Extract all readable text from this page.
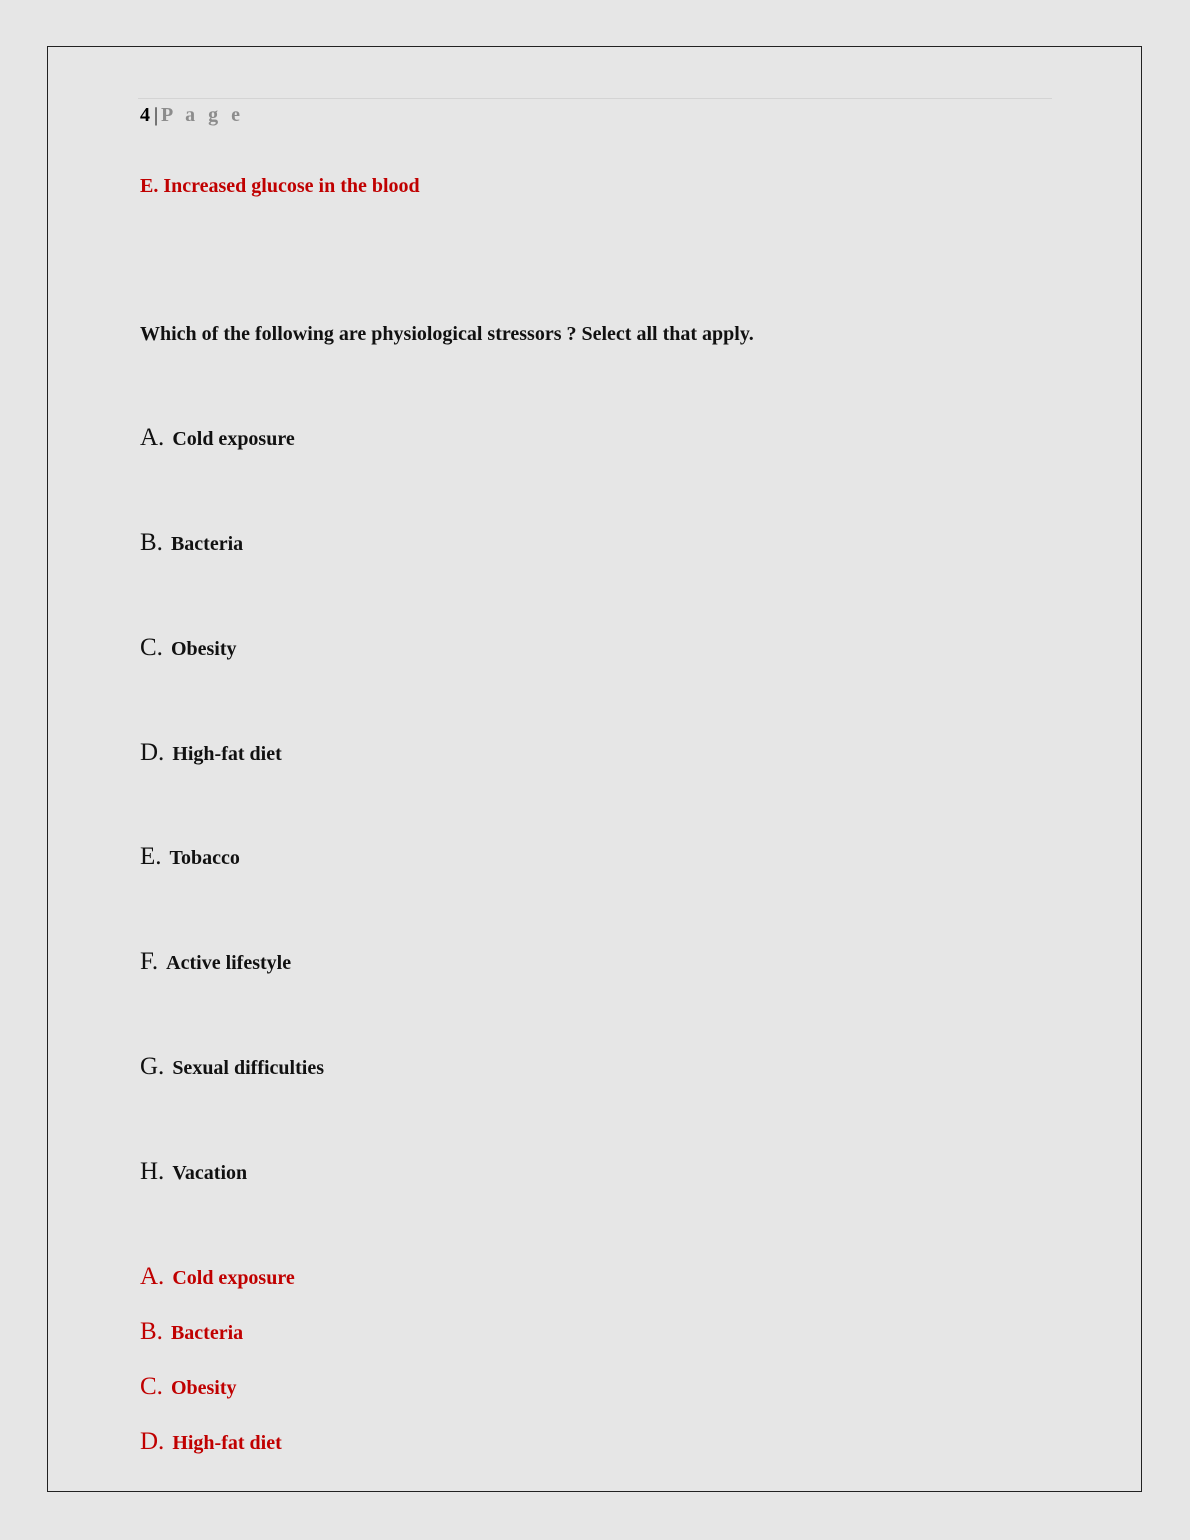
4 | P a g e
E. Increased glucose in the blood
Which of the following are physiological stressors ? Select all that apply.
A. Cold exposure
B. Bacteria
C. Obesity
D. High-fat diet
E. Tobacco
F. Active lifestyle
G. Sexual difficulties
H. Vacation
A. Cold exposure
B. Bacteria
C. Obesity
D. High-fat diet
